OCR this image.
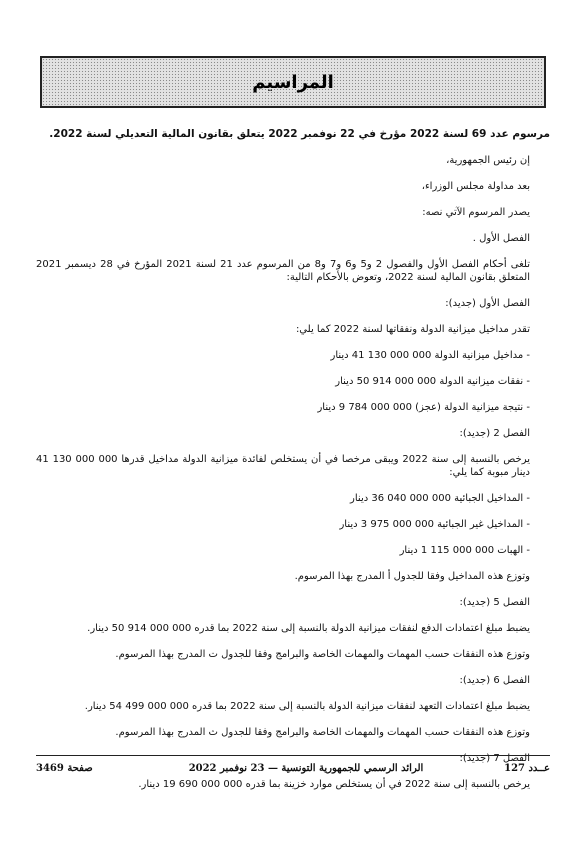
المراسيم

مرسوم عدد 69 لسنة 2022 مؤرخ في 22 نوفمبر 2022 يتعلق بقانون المالية التعديلي لسنة 2022.

إن رئيس الجمهورية،

بعد مداولة مجلس الوزراء،

يصدر المرسوم الآتي نصه:

الفصل الأول .

تلغى أحكام الفصل الأول والفصول 2 و5 و6 و7 و8 من المرسوم عدد 21 لسنة 2021 المؤرخ في 28 ديسمبر 2021 المتعلق بقانون المالية لسنة 2022، وتعوض بالأحكام التالية:

الفصل الأول (جديد):

تقدر مداخيل ميزانية الدولة ونفقاتها لسنة 2022 كما يلي:

- مداخيل ميزانية الدولة 000 000 130 41 دينار

- نفقات ميزانية الدولة 000 000 914 50 دينار

- نتيجة ميزانية الدولة (عجز) 000 000 784 9 دينار

الفصل 2 (جديد):

يرخص بالنسبة إلى سنة 2022 ويبقى مرخصا في أن يستخلص لفائدة ميزانية الدولة مداخيل قدرها 000 000 130 41 دينار مبوبة كما يلي:

- المداخيل الجبائية 000 000 040 36 دينار

- المداخيل غير الجبائية 000 000 975 3 دينار

- الهبات 000 000 115 1 دينار

وتوزع هذه المداخيل وفقا للجدول أ المدرج بهذا المرسوم.

الفصل 5 (جديد):

يضبط مبلغ اعتمادات الدفع لنفقات ميزانية الدولة بالنسبة إلى سنة 2022 بما قدره 000 000 914 50 دينار.

وتوزع هذه النفقات حسب المهمات والمهمات الخاصة والبرامج وفقا للجدول ت المدرج بهذا المرسوم.

الفصل 6 (جديد):

يضبط مبلغ اعتمادات التعهد لنفقات ميزانية الدولة بالنسبة إلى سنة 2022 بما قدره 000 000 499 54 دينار.

وتوزع هذه النفقات حسب المهمات والمهمات الخاصة والبرامج وفقا للجدول ث المدرج بهذا المرسوم.

الفصل 7 (جديد):

يرخص بالنسبة إلى سنة 2022 في أن يستخلص موارد خزينة بما قدره 000 000 690 19 دينار.

عــدد 127
الرائد الرسمي للجمهورية التونسية — 23 نوفمبر 2022
صفحة 3469
